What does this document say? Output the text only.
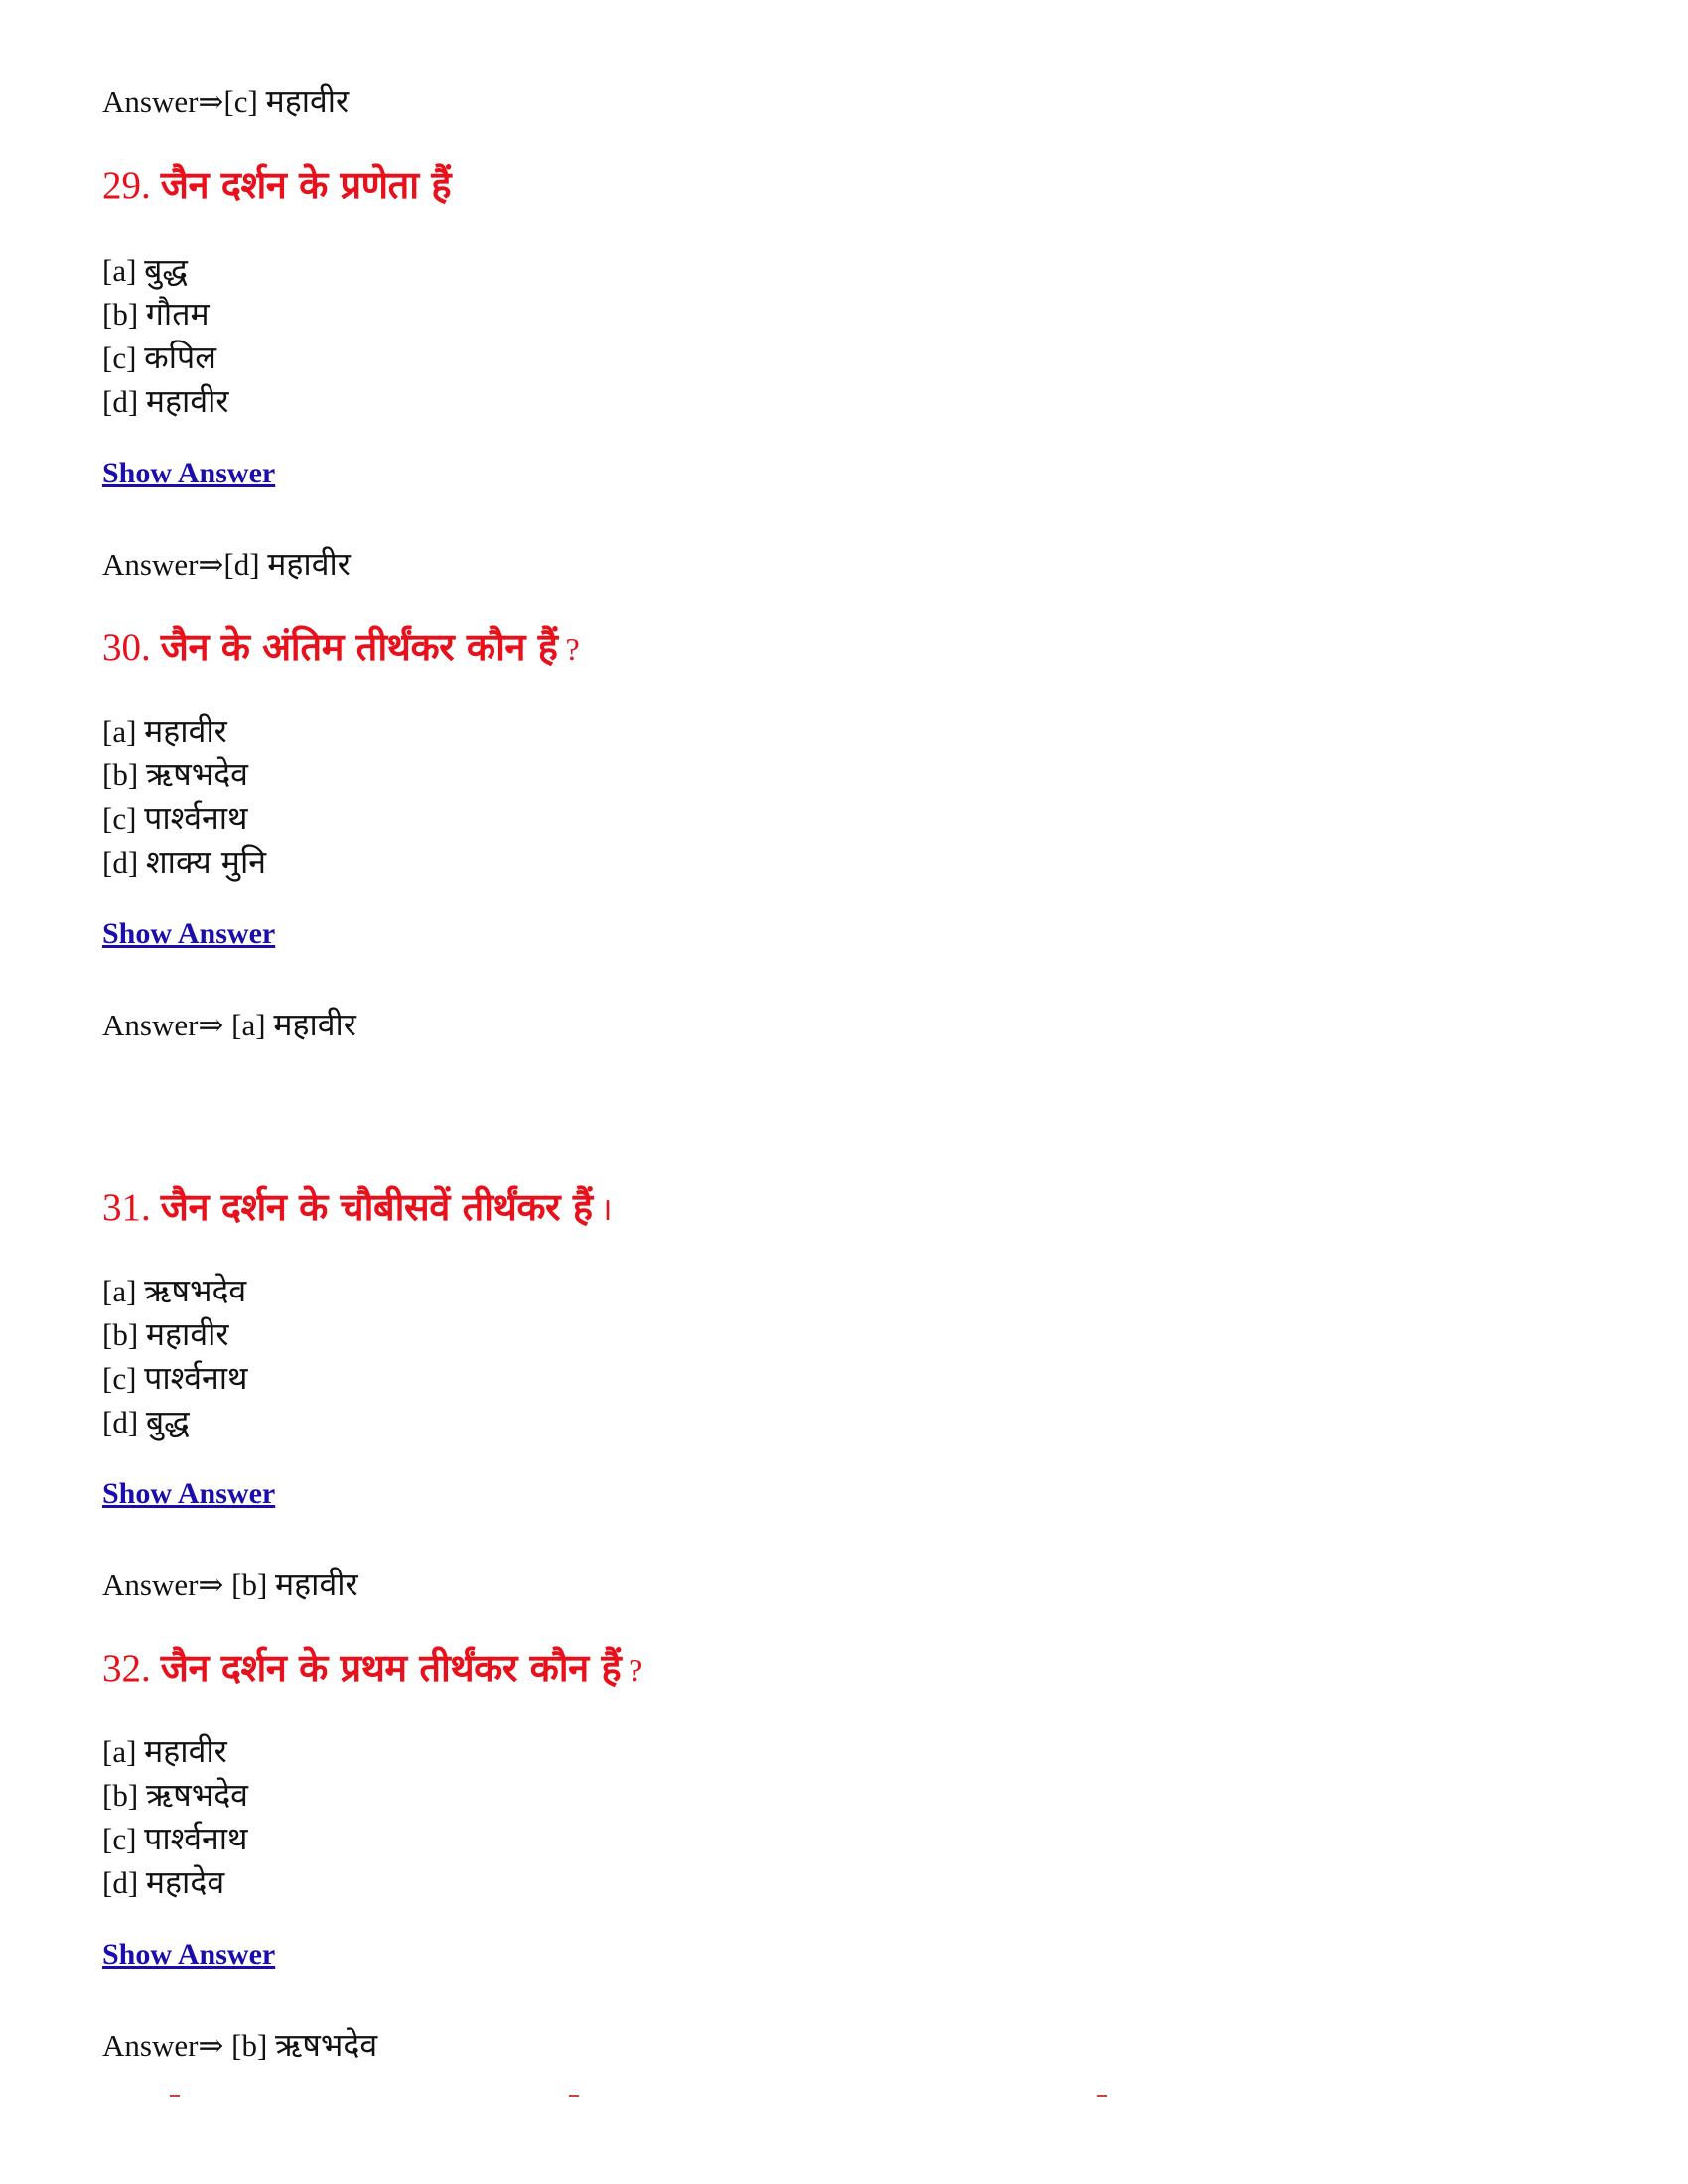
Answer⇒[c] महावीर
29. जैन दर्शन के प्रणेता हैं
[a] बुद्ध
[b] गौतम
[c] कपिल
[d] महावीर
Show Answer
Answer⇒[d] महावीर
30. जैन के अंतिम तीर्थंकर कौन हैं ?
[a] महावीर
[b] ऋषभदेव
[c] पार्श्वनाथ
[d] शाक्य मुनि
Show Answer
Answer⇒ [a] महावीर
31. जैन दर्शन के चौबीसवें तीर्थंकर हैं ।
[a] ऋषभदेव
[b] महावीर
[c] पार्श्वनाथ
[d] बुद्ध
Show Answer
Answer⇒ [b] महावीर
32. जैन दर्शन के प्रथम तीर्थंकर कौन हैं ?
[a] महावीर
[b] ऋषभदेव
[c] पार्श्वनाथ
[d] महादेव
Show Answer
Answer⇒ [b] ऋषभदेव
